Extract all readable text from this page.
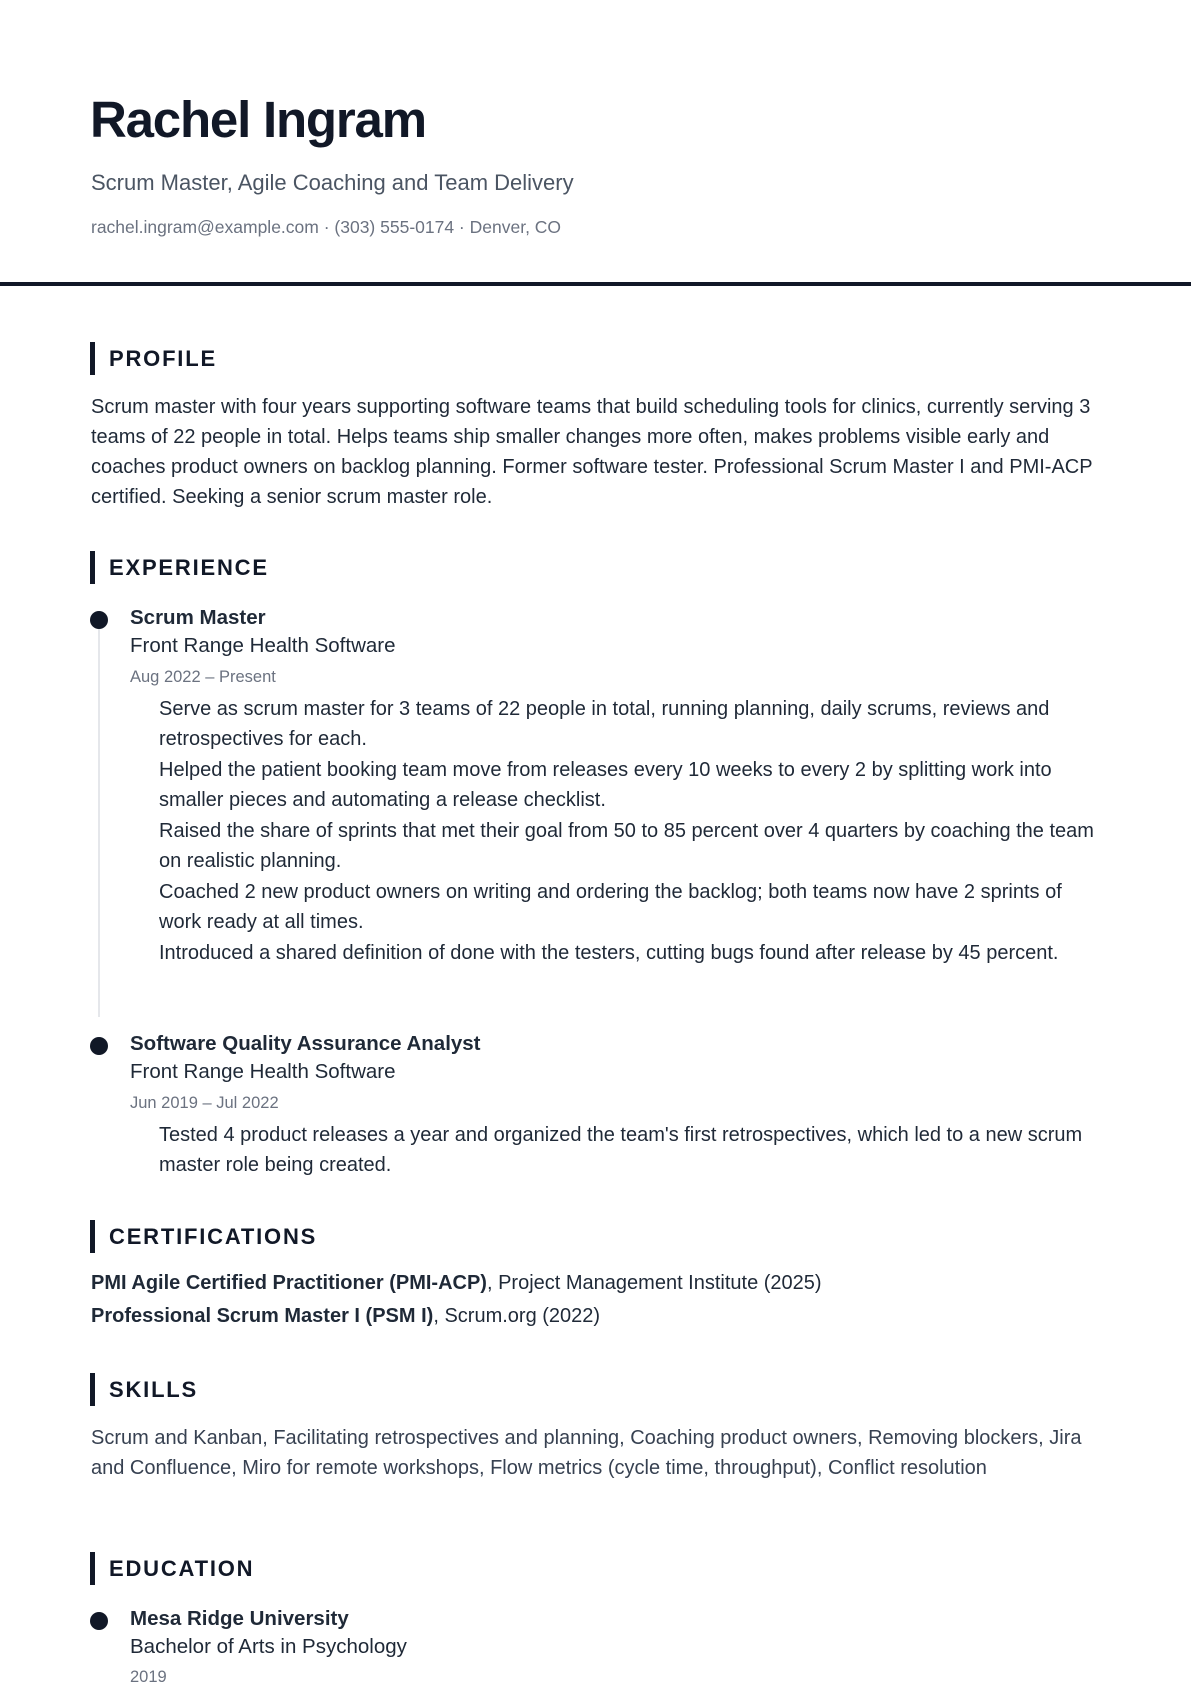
Rachel Ingram
Scrum Master, Agile Coaching and Team Delivery
rachel.ingram@example.com · (303) 555-0174 · Denver, CO
PROFILE

Scrum master with four years supporting software teams that build scheduling tools for clinics, currently serving 3 teams of 22 people in total. Helps teams ship smaller changes more often, makes problems visible early and coaches product owners on backlog planning. Former software tester. Professional Scrum Master I and PMI-ACP certified. Seeking a senior scrum master role.

EXPERIENCE
Scrum Master
Front Range Health Software
Aug 2022 – Present
Serve as scrum master for 3 teams of 22 people in total, running planning, daily scrums, reviews and retrospectives for each.
Helped the patient booking team move from releases every 10 weeks to every 2 by splitting work into smaller pieces and automating a release checklist.
Raised the share of sprints that met their goal from 50 to 85 percent over 4 quarters by coaching the team on realistic planning.
Coached 2 new product owners on writing and ordering the backlog; both teams now have 2 sprints of work ready at all times.
Introduced a shared definition of done with the testers, cutting bugs found after release by 45 percent.
Software Quality Assurance Analyst
Front Range Health Software
Jun 2019 – Jul 2022
Tested 4 product releases a year and organized the team's first retrospectives, which led to a new scrum master role being created.
CERTIFICATIONS
PMI Agile Certified Practitioner (PMI-ACP), Project Management Institute (2025)
Professional Scrum Master I (PSM I), Scrum.org (2022)
SKILLS

Scrum and Kanban, Facilitating retrospectives and planning, Coaching product owners, Removing blockers, Jira and Confluence, Miro for remote workshops, Flow metrics (cycle time, throughput), Conflict resolution

EDUCATION
Mesa Ridge University
Bachelor of Arts in Psychology
2019
